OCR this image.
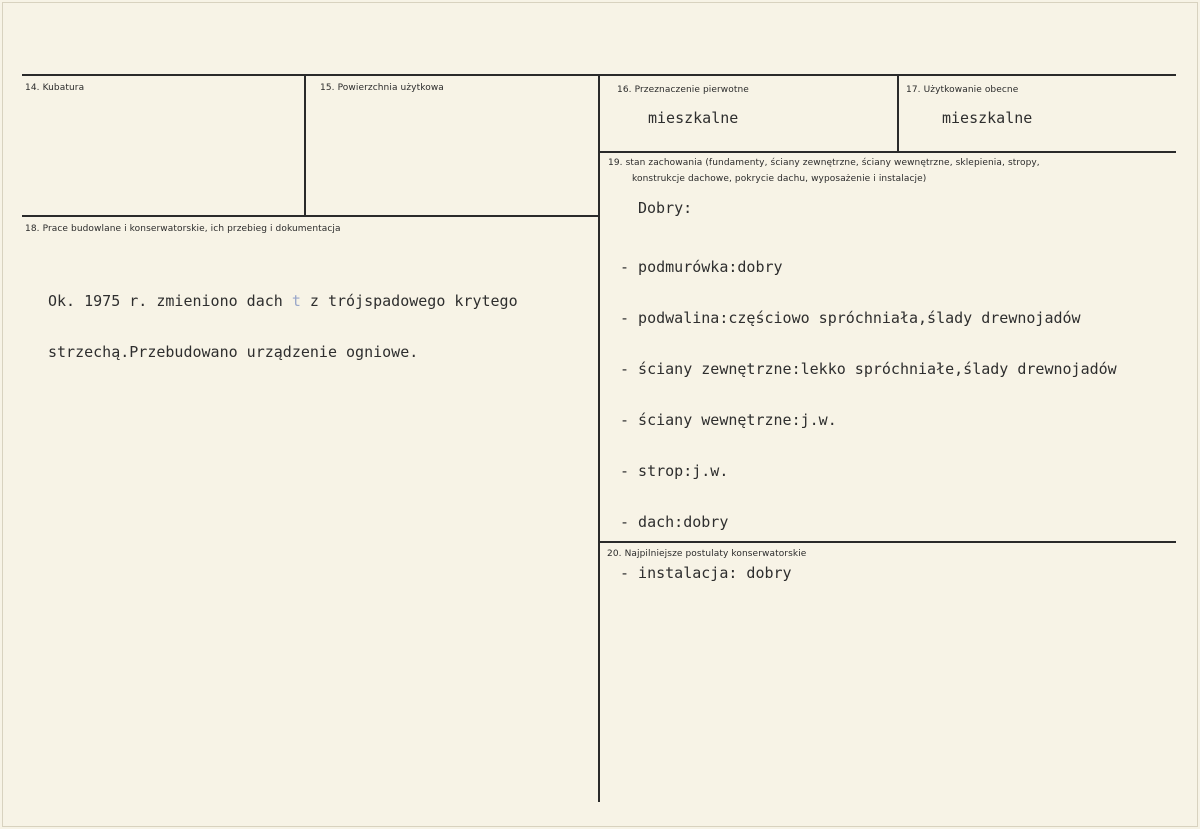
14. Kubatura	15. Powierzchnia użytkowa	16. Przeznaczenie pierwotne
mieszkalne
17. Użytkowanie obecne
mieszkalne
18. Prace budowlane i konserwatorskie, ich przebieg i dokumentacja

Ok. 1975 r. zmieniono dach t z trójspadowego krytego

strzechą.Przebudowano urządzenie ogniowe.

19. stan zachowania (fundamenty, ściany zewnętrzne, ściany wewnętrzne, sklepienia, stropy,
konstrukcje dachowe, pokrycie dachu, wyposażenie i instalacje)
Dobry:

- podmurówka:dobry

- podwalina:częściowo spróchniała,ślady drewnojadów

- ściany zewnętrzne:lekko spróchniałe,ślady drewnojadów

- ściany wewnętrzne:j.w.

- strop:j.w.

- dach:dobry

- instalacja: dobry

20. Najpilniejsze postulaty konserwatorskie
